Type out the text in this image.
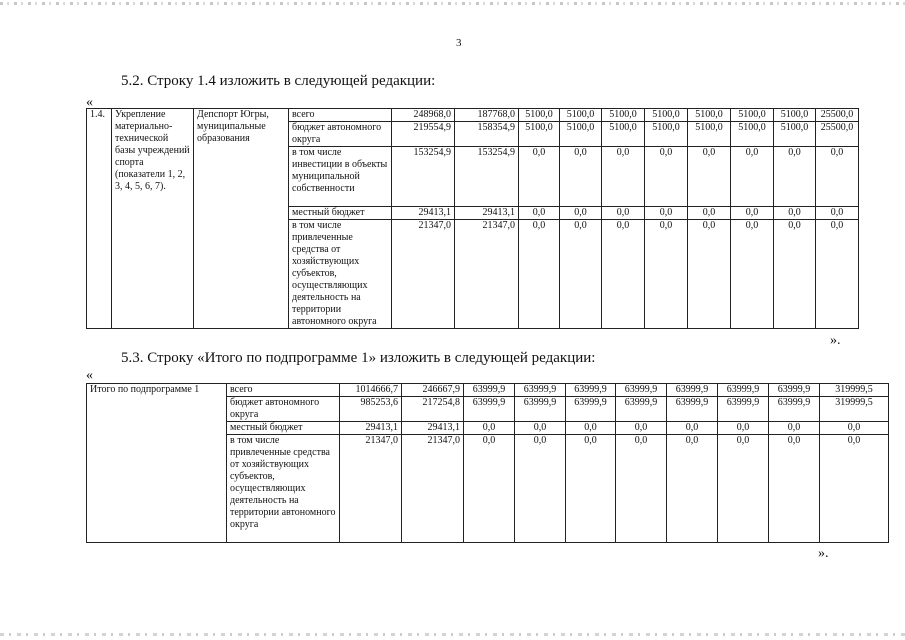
3
5.2. Строку 1.4 изложить в следующей редакции:
«
1.4.	Укрепление материально-технической базы учреждений спорта (показатели 1, 2, 3, 4, 5, 6, 7).	Депспорт Югры, муниципальные образования	всего	248968,0	187768,0	5100,0	5100,0	5100,0	5100,0	5100,0	5100,0	5100,0	25500,0
			бюджет автономного округа	219554,9	158354,9	5100,0	5100,0	5100,0	5100,0	5100,0	5100,0	5100,0	25500,0
			в том числе инвестиции в объекты муниципальной собственности	153254,9	153254,9	0,0	0,0	0,0	0,0	0,0	0,0	0,0	0,0
			местный бюджет	29413,1	29413,1	0,0	0,0	0,0	0,0	0,0	0,0	0,0	0,0
			в том числе привлеченные средства от хозяйствующих субъектов, осуществляющих деятельность на территории автономного округа	21347,0	21347,0	0,0	0,0	0,0	0,0	0,0	0,0	0,0	0,0
».
5.3. Строку «Итого по подпрограмме 1» изложить в следующей редакции:
«
Итого по подпрограмме 1	всего	1014666,7	246667,9	63999,9	63999,9	63999,9	63999,9	63999,9	63999,9	63999,9	319999,5
	бюджет автономного округа	985253,6	217254,8	63999,9	63999,9	63999,9	63999,9	63999,9	63999,9	63999,9	319999,5
	местный бюджет	29413,1	29413,1	0,0	0,0	0,0	0,0	0,0	0,0	0,0	0,0
	в том числе привлеченные средства от хозяйствующих субъектов, осуществляющих деятельность на территории автономного округа	21347,0	21347,0	0,0	0,0	0,0	0,0	0,0	0,0	0,0	0,0
».
